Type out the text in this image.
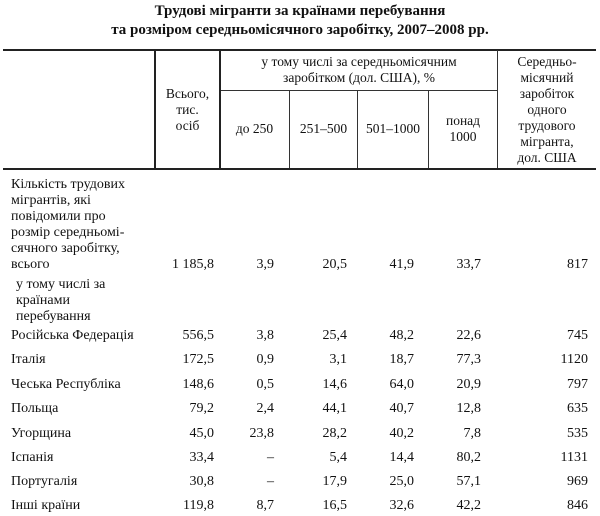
Трудові мігранти за країнами перебування
та розміром середньомісячного заробітку, 2007–2008 рр.
Всього,
тис.
осіб
у тому числі за середньомісячним
заробітком (дол. США), %
до 250	251–500	501–1000
понад
1000
Середньо-
місячний
заробіток
одного
трудового
мігранта,
дол. США
Кількість трудових
мігрантів, які
повідомили про
розмір середньомі-
сячного заробітку,
всього	1 185,8	3,9	20,5	41,9	33,7	817
у тому числі за
країнами
перебування
Російська Федерація	556,5	3,8	25,4	48,2	22,6	745
Італія	172,5	0,9	3,1	18,7	77,3	1120
Чеська Республіка	148,6	0,5	14,6	64,0	20,9	797
Польща	79,2	2,4	44,1	40,7	12,8	635
Угорщина	45,0	23,8	28,2	40,2	7,8	535
Іспанія	33,4	–	5,4	14,4	80,2	1131
Португалія	30,8	–	17,9	25,0	57,1	969
Інші країни	119,8	8,7	16,5	32,6	42,2	846
